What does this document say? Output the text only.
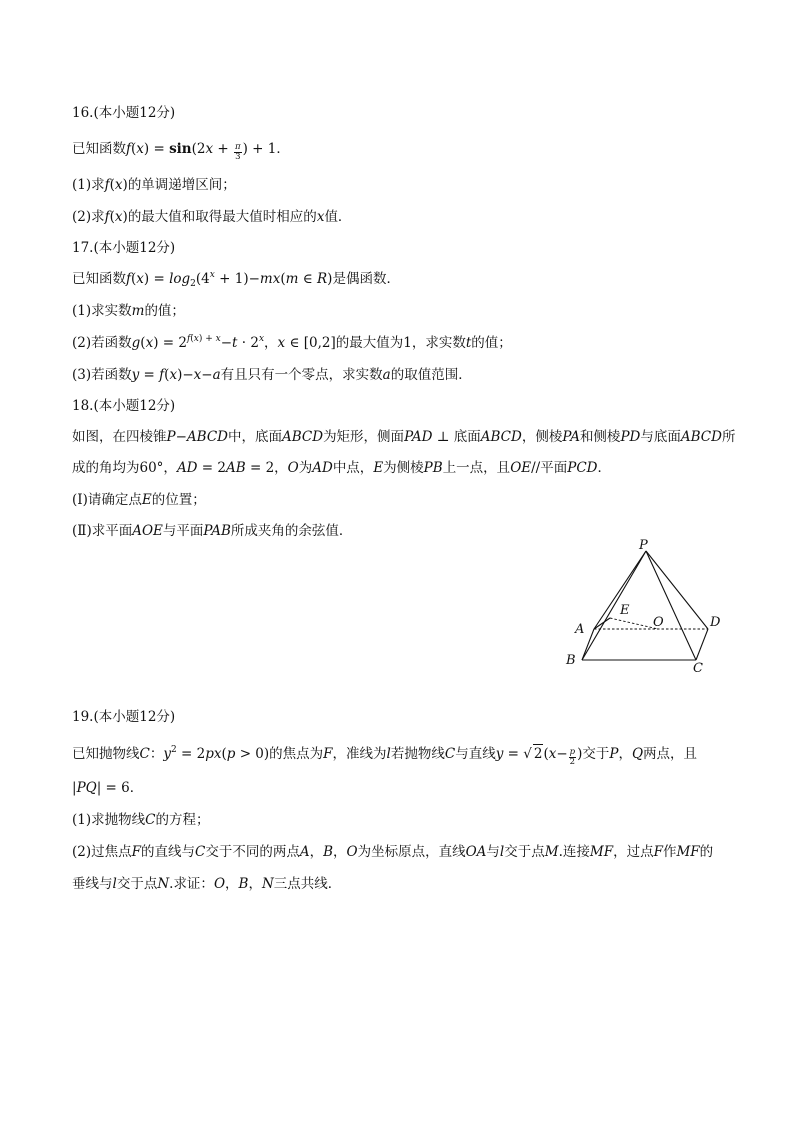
16.(本小题12分)
已知函数$f(x) = \sin(2x + \frac{\pi}{3}$ ) + 1．
(1)求f(x)的单调递增区间；
(2)求f(x)的最大值和取得最大值时相应的x值．
17.(本小题12分)
已知函数$f(x) = \log_2(4^x + 1)-mx(m$ ∈ R)是偶函数．
(1)求实数m的值；
(2)若函数$g(x) = 2^{f(x) + x}-t \cdot 2^x$，x ∈ [0,2]的最大值为1，求实数t的值；
(3)若函数y = f(x)−x−a有且只有一个零点，求实数a的取值范围．
18.(本小题12分)
如图，在四棱锥P−ABCD中，底面ABCD为矩形，侧面PAD ⊥ 底面ABCD，侧棱PA和侧棱PD与底面ABCD所
成的角均为60°，AD = 2AB = 2，O为AD中点，E为侧棱PB上一点，且OE//平面PCD．
(Ⅰ)请确定点E的位置；
(Ⅱ)求平面AOE与平面PAB所成夹角的余弦值．
P
E
O
A	D
B
C
19.(本小题12分)
已知抛物线C：$y^2 = 2px(p > 0)$的焦点为F，准线为l若抛物线C与直线y = √ $2(x- \frac{p}{2}$ )交于P，Q两点，且
|PQ| = 6．
(1)求抛物线C的方程；
(2)过焦点F的直线与C交于不同的两点A，B，O为坐标原点，直线OA与l交于点M.连接MF，过点F作MF的
垂线与l交于点N.求证：O，B，N三点共线．
